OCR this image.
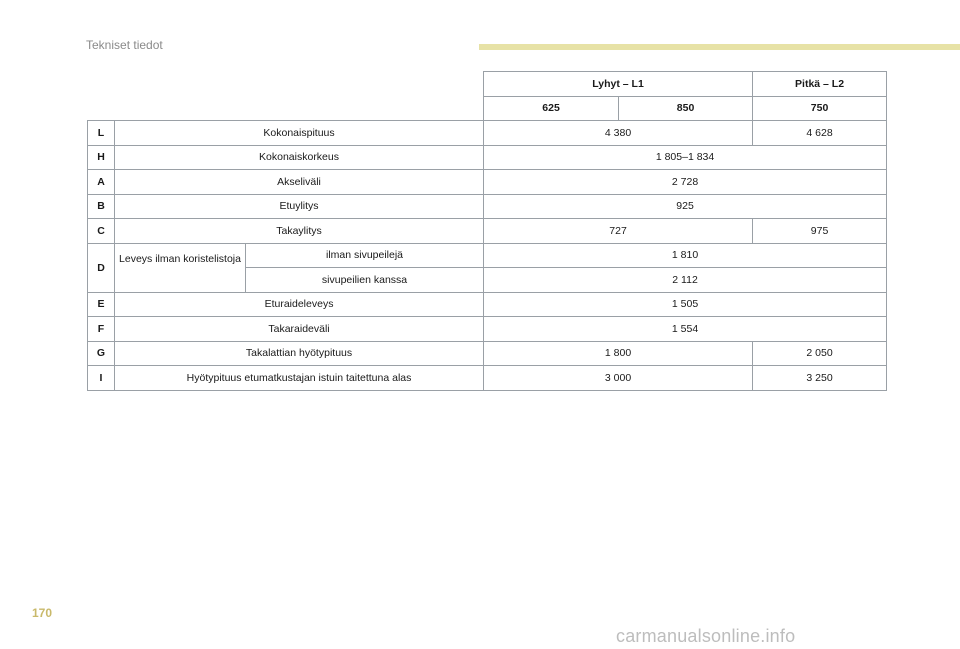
Tekniset tiedot
			Lyhyt – L1		Pitkä – L2
			625	850	750
L	Kokonaispituus		4 380		4 628
H	Kokonaiskorkeus		1 805–1 834		
A	Akseliväli		2 728		
B	Etuylitys		925		
C	Takaylitys		727		975
D	Leveys ilman koristelistoja	ilman sivupeilejä	1 810		
		sivupeilien kanssa	2 112		
E	Eturaideleveys		1 505		
F	Takaraideväli		1 554		
G	Takalattian hyötypituus		1 800		2 050
I	Hyötypituus etumatkustajan istuin taitettuna alas		3 000		3 250
170
carmanualsonline.info
